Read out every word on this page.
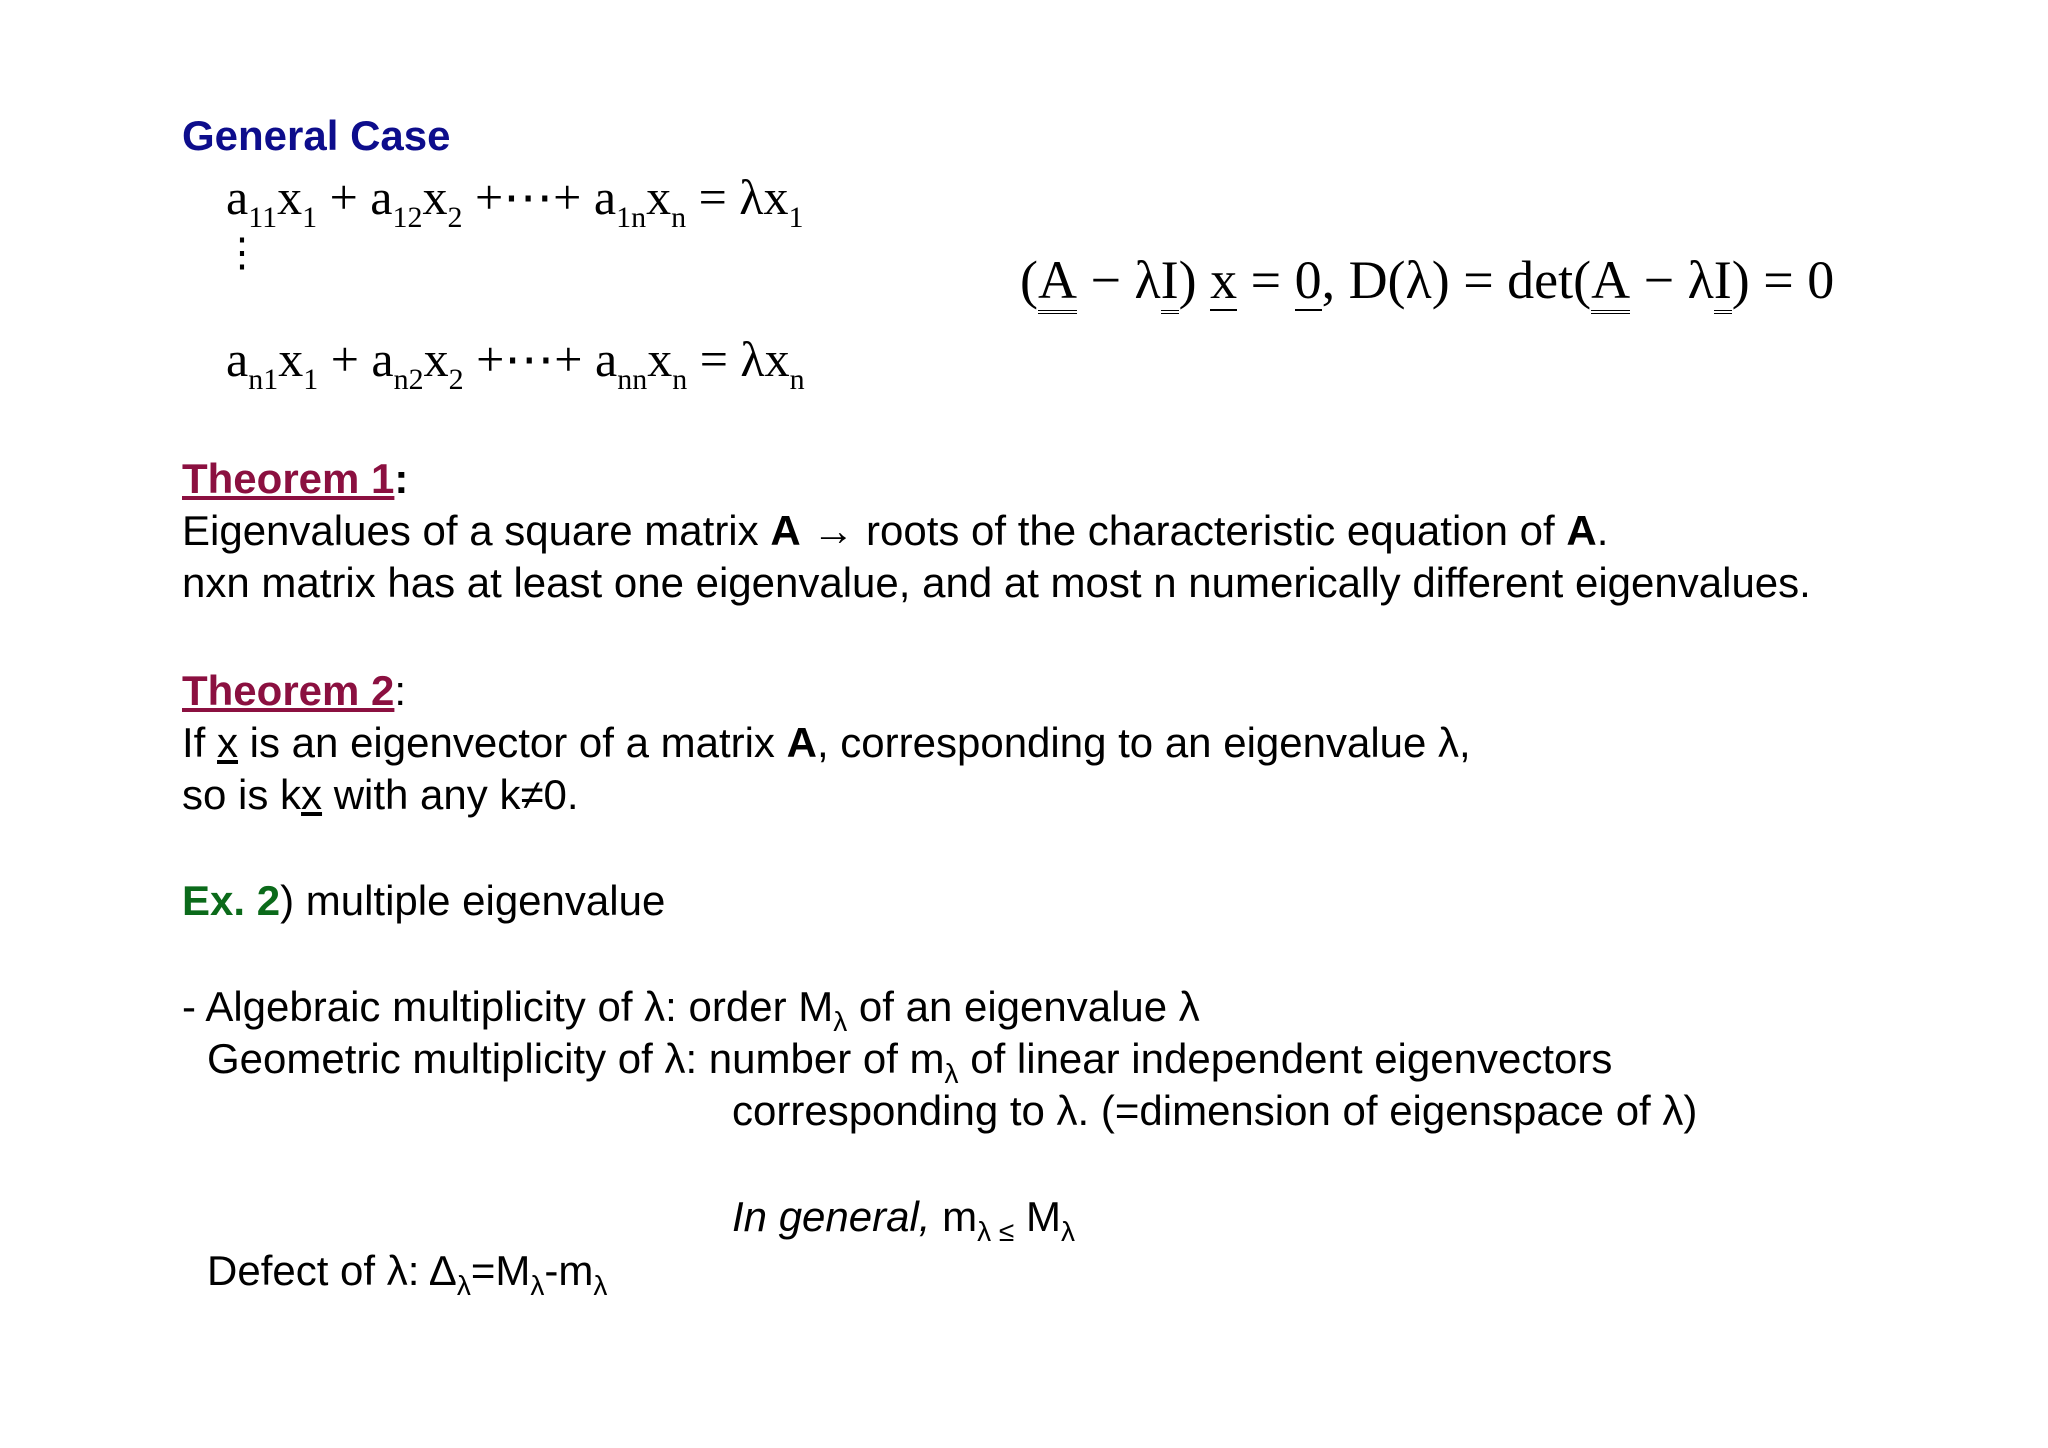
General Case
$a_{11}x_1 + a_{12}x_2$ +⋯+ $a_{1n}x_n = \lambda x_1$
⋮
$a_{n1}x_1 + a_{n2}x_2$ +⋯+ $a_{nn}x_n = \lambda x_n$
(A − λI) x = 0, D(λ) = det(A − λI) = 0
Theorem 1:
Eigenvalues of a square matrix A → roots of the characteristic equation of A.
nxn matrix has at least one eigenvalue, and at most n numerically different eigenvalues.
Theorem 2:
If x is an eigenvector of a matrix A, corresponding to an eigenvalue λ,
so is kx with any k≠0.
Ex. 2) multiple eigenvalue
- Algebraic multiplicity of λ: order $M_\lambda$ of an eigenvalue λ
Geometric multiplicity of λ: number of $m_\lambda$ of linear independent eigenvectors
corresponding to λ. (=dimension of eigenspace of λ)
In general, $m_{\lambda \le}$ $M_\lambda$
Defect of λ: $\Delta_\lambda=M_\lambda-m_\lambda$
